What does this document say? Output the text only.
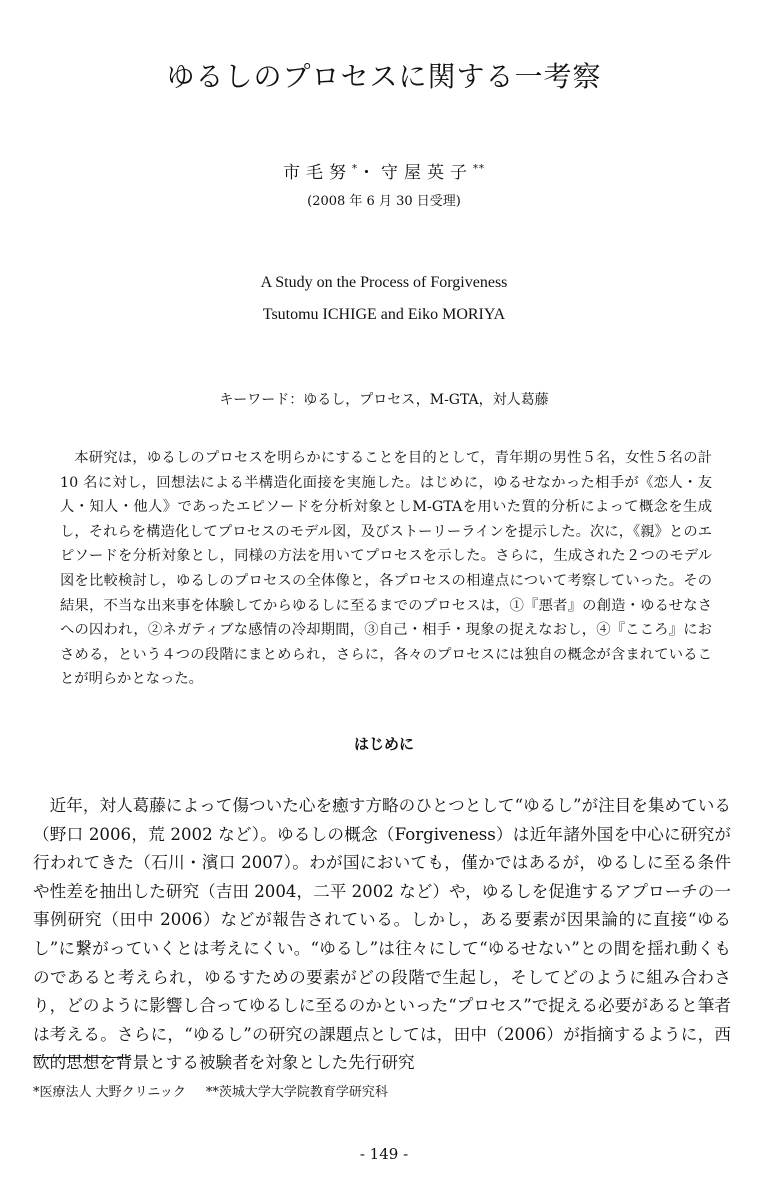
ゆるしのプロセスに関する一考察
市毛努*・守屋英子**
(2008 年 6 月 30 日受理)
A Study on the Process of Forgiveness
Tsutomu ICHIGE and Eiko MORIYA
キーワード：ゆるし，プロセス，M-GTA，対人葛藤
本研究は，ゆるしのプロセスを明らかにすることを目的として，青年期の男性５名，女性５名の計 10 名に対し，回想法による半構造化面接を実施した。はじめに，ゆるせなかった相手が《恋人・友人・知人・他人》であったエピソードを分析対象としM-GTAを用いた質的分析によって概念を生成し，それらを構造化してプロセスのモデル図，及びストーリーラインを提示した。次に，《親》とのエピソードを分析対象とし，同様の方法を用いてプロセスを示した。さらに，生成された２つのモデル図を比較検討し，ゆるしのプロセスの全体像と，各プロセスの相違点について考察していった。その結果，不当な出来事を体験してからゆるしに至るまでのプロセスは，①『悪者』の創造・ゆるせなさへの囚われ，②ネガティブな感情の冷却期間，③自己・相手・現象の捉えなおし，④『こころ』におさめる，という４つの段階にまとめられ，さらに，各々のプロセスには独自の概念が含まれていることが明らかとなった。
はじめに
近年，対人葛藤によって傷ついた心を癒す方略のひとつとして“ゆるし”が注目を集めている（野口 2006，荒 2002 など）。ゆるしの概念（Forgiveness）は近年諸外国を中心に研究が行われてきた（石川・濱口 2007）。わが国においても，僅かではあるが，ゆるしに至る条件や性差を抽出した研究（吉田 2004，二平 2002 など）や，ゆるしを促進するアプローチの一事例研究（田中 2006）などが報告されている。しかし，ある要素が因果論的に直接“ゆるし”に繋がっていくとは考えにくい。“ゆるし”は往々にして“ゆるせない”との間を揺れ動くものであると考えられ，ゆるすための要素がどの段階で生起し，そしてどのように組み合わさり，どのように影響し合ってゆるしに至るのかといった“プロセス”で捉える必要があると筆者は考える。さらに，“ゆるし”の研究の課題点としては，田中（2006）が指摘するように，西欧的思想を背景とする被験者を対象とした先行研究
*医療法人 大野クリニック **茨城大学大学院教育学研究科
- 149 -
